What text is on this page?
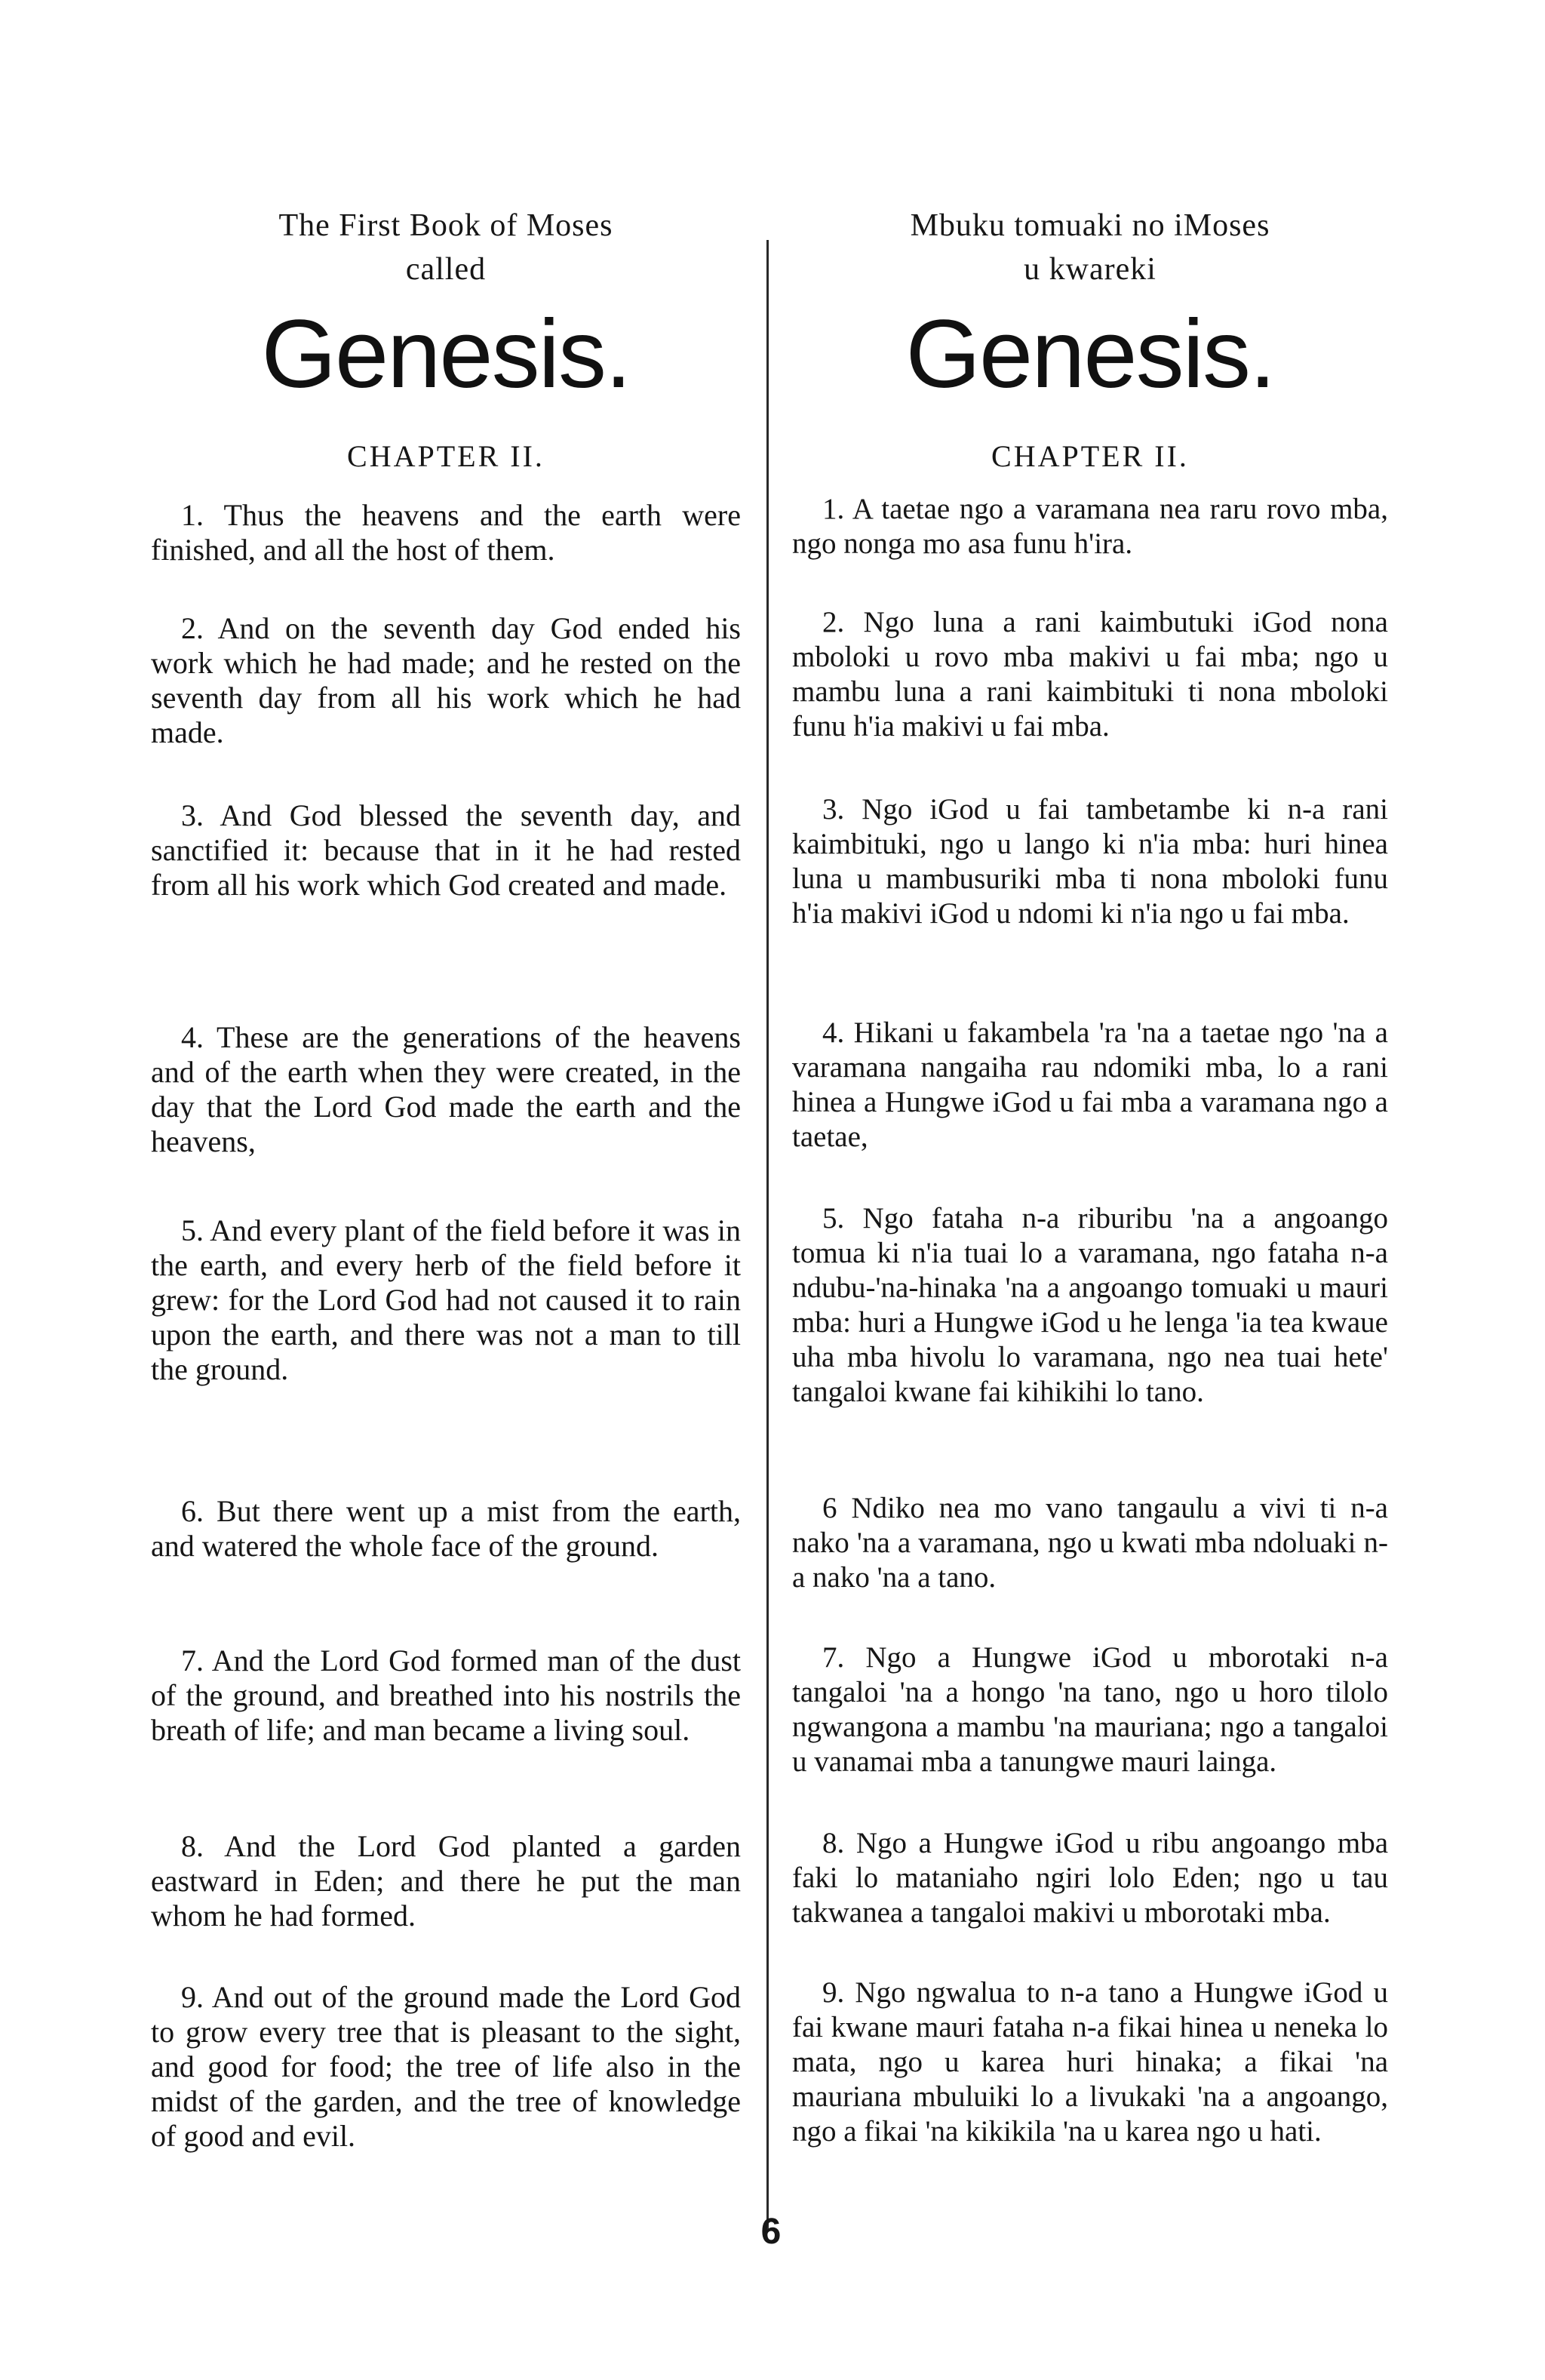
The First Book of Moses
called
Genesis.
CHAPTER II.

1. Thus the heavens and the earth were finished, and all the host of them.

2. And on the seventh day God ended his work which he had made; and he rested on the seventh day from all his work which he had made.

3. And God blessed the seventh day, and sanctified it: because that in it he had rested from all his work which God created and made.

4. These are the generations of the heavens and of the earth when they were created, in the day that the Lord God made the earth and the heavens,

5. And every plant of the field before it was in the earth, and every herb of the field before it grew: for the Lord God had not caused it to rain upon the earth, and there was not a man to till the ground.

6. But there went up a mist from the earth, and watered the whole face of the ground.

7. And the Lord God formed man of the dust of the ground, and breathed into his nostrils the breath of life; and man became a living soul.

8. And the Lord God planted a garden eastward in Eden; and there he put the man whom he had formed.

9. And out of the ground made the Lord God to grow every tree that is pleasant to the sight, and good for food; the tree of life also in the midst of the garden, and the tree of knowledge of good and evil.

Mbuku tomuaki no iMoses
u kwareki
Genesis.
CHAPTER II.

1. A taetae ngo a varamana nea raru rovo mba, ngo nonga mo asa funu h'ira.

2. Ngo luna a rani kaimbutuki iGod nona mboloki u rovo mba makivi u fai mba; ngo u mambu luna a rani kaimbituki ti nona mboloki funu h'ia makivi u fai mba.

3. Ngo iGod u fai tambetambe ki n-a rani kaimbituki, ngo u lango ki n'ia mba: huri hinea luna u mambusuriki mba ti nona mboloki funu h'ia makivi iGod u ndomi ki n'ia ngo u fai mba.

4. Hikani u fakambela 'ra 'na a taetae ngo 'na a varamana nangaiha rau ndomiki mba, lo a rani hinea a Hungwe iGod u fai mba a varamana ngo a taetae,

5. Ngo fataha n-a riburibu 'na a angoango tomua ki n'ia tuai lo a varamana, ngo fataha n-a ndubu-'na-hinaka 'na a angoango tomuaki u mauri mba: huri a Hungwe iGod u he lenga 'ia tea kwaue uha mba hivolu lo varamana, ngo nea tuai hete' tangaloi kwane fai kihikihi lo tano.

6 Ndiko nea mo vano tangaulu a vivi ti n-a nako 'na a varamana, ngo u kwati mba ndoluaki n-a nako 'na a tano.

7. Ngo a Hungwe iGod u mborotaki n-a tangaloi 'na a hongo 'na tano, ngo u horo tilolo ngwangona a mambu 'na mauriana; ngo a tangaloi u vanamai mba a tanungwe mauri lainga.

8. Ngo a Hungwe iGod u ribu angoango mba faki lo mataniaho ngiri lolo Eden; ngo u tau takwanea a tangaloi makivi u mborotaki mba.

9. Ngo ngwalua to n-a tano a Hungwe iGod u fai kwane mauri fataha n-a fikai hinea u neneka lo mata, ngo u karea huri hinaka; a fikai 'na mauriana mbuluiki lo a livukaki 'na a angoango, ngo a fikai 'na kikikila 'na u karea ngo u hati.

6
